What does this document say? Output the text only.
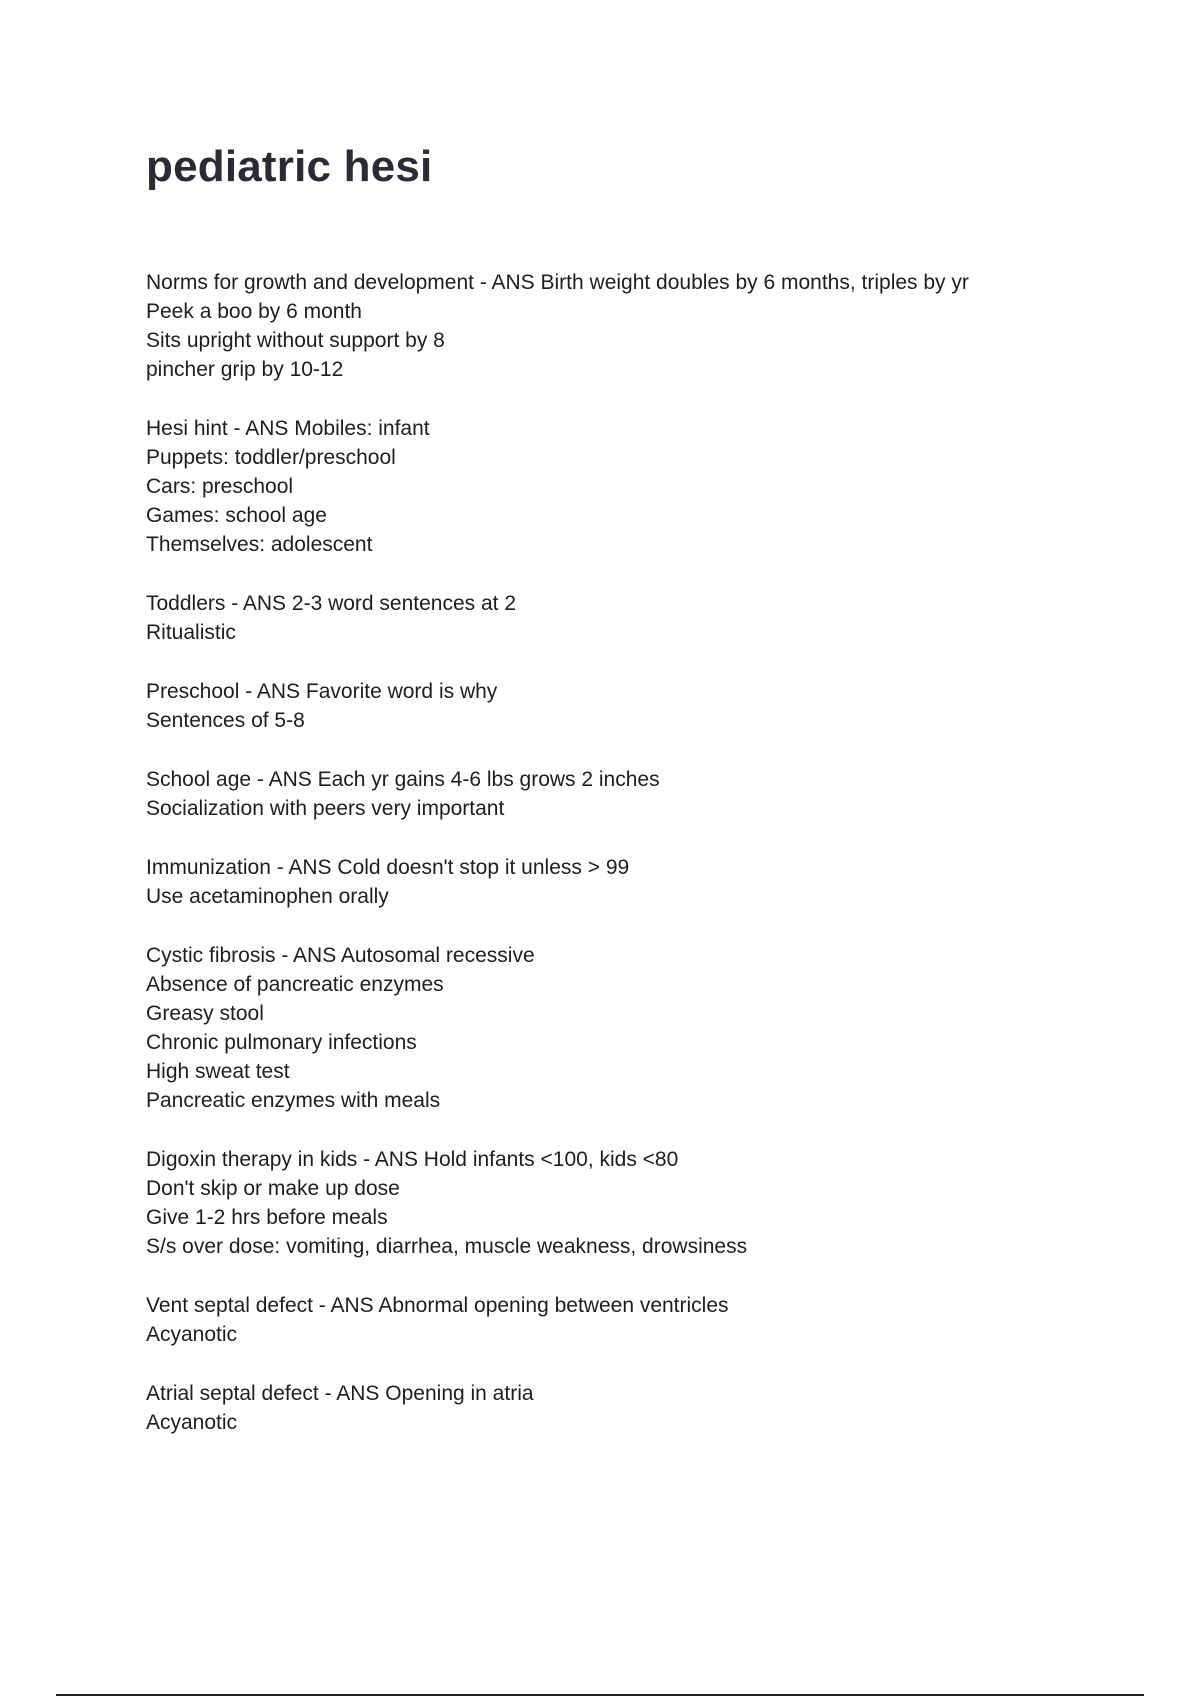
pediatric hesi
Norms for growth and development - ANS Birth weight doubles by 6 months, triples by yr
Peek a boo by 6 month
Sits upright without support by 8
pincher grip by 10-12
Hesi hint - ANS Mobiles: infant
Puppets: toddler/preschool
Cars: preschool
Games: school age
Themselves: adolescent
Toddlers - ANS 2-3 word sentences at 2
Ritualistic
Preschool - ANS Favorite word is why
Sentences of 5-8
School age - ANS Each yr gains 4-6 lbs grows 2 inches
Socialization with peers very important
Immunization - ANS Cold doesn't stop it unless > 99
Use acetaminophen orally
Cystic fibrosis - ANS Autosomal recessive
Absence of pancreatic enzymes
Greasy stool
Chronic pulmonary infections
High sweat test
Pancreatic enzymes with meals
Digoxin therapy in kids - ANS Hold infants <100, kids <80
Don't skip or make up dose
Give 1-2 hrs before meals
S/s over dose: vomiting, diarrhea, muscle weakness, drowsiness
Vent septal defect - ANS Abnormal opening between ventricles
Acyanotic
Atrial septal defect - ANS Opening in atria
Acyanotic
